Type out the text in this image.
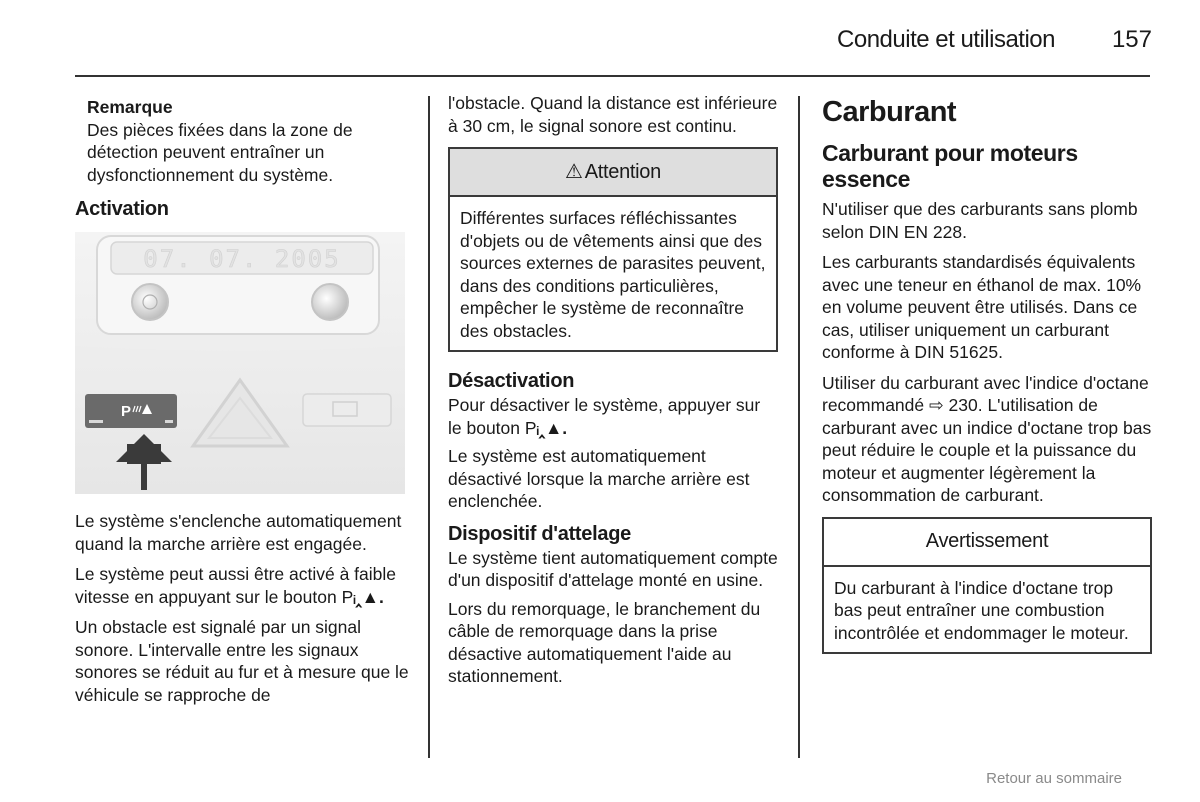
Conduite et utilisation	157
Remarque
Des pièces fixées dans la zone de détection peuvent entraîner un dysfonctionnement du système.
Activation
07. 07. 2005
P
Le système s'enclenche automatiquement quand la marche arrière est engagée.
Le système peut aussi être activé à faible vitesse en appuyant sur le bouton Pᵢ‸▲.
Un obstacle est signalé par un signal sonore. L'intervalle entre les signaux sonores se réduit au fur et à mesure que le véhicule se rapproche de
l'obstacle. Quand la distance est inférieure à 30 cm, le signal sonore est continu.
⚠ Attention
Différentes surfaces réfléchissantes d'objets ou de vêtements ainsi que des sources externes de parasites peuvent, dans des conditions particulières, empêcher le système de reconnaître des obstacles.
Désactivation
Pour désactiver le système, appuyer sur le bouton Pᵢ‸▲.
Le système est automatiquement désactivé lorsque la marche arrière est enclenchée.
Dispositif d'attelage
Le système tient automatiquement compte d'un dispositif d'attelage monté en usine.
Lors du remorquage, le branchement du câble de remorquage dans la prise désactive automatiquement l'aide au stationnement.
Carburant
Carburant pour moteurs essence
N'utiliser que des carburants sans plomb selon DIN EN 228.
Les carburants standardisés équivalents avec une teneur en éthanol de max. 10% en volume peuvent être utilisés. Dans ce cas, utiliser uniquement un carburant conforme à DIN 51625.
Utiliser du carburant avec l'indice d'octane recommandé ⇨ 230. L'utilisation de carburant avec un indice d'octane trop bas peut réduire le couple et la puissance du moteur et augmenter légèrement la consommation de carburant.
Avertissement
Du carburant à l'indice d'octane trop bas peut entraîner une combustion incontrôlée et endommager le moteur.
Retour au sommaire
